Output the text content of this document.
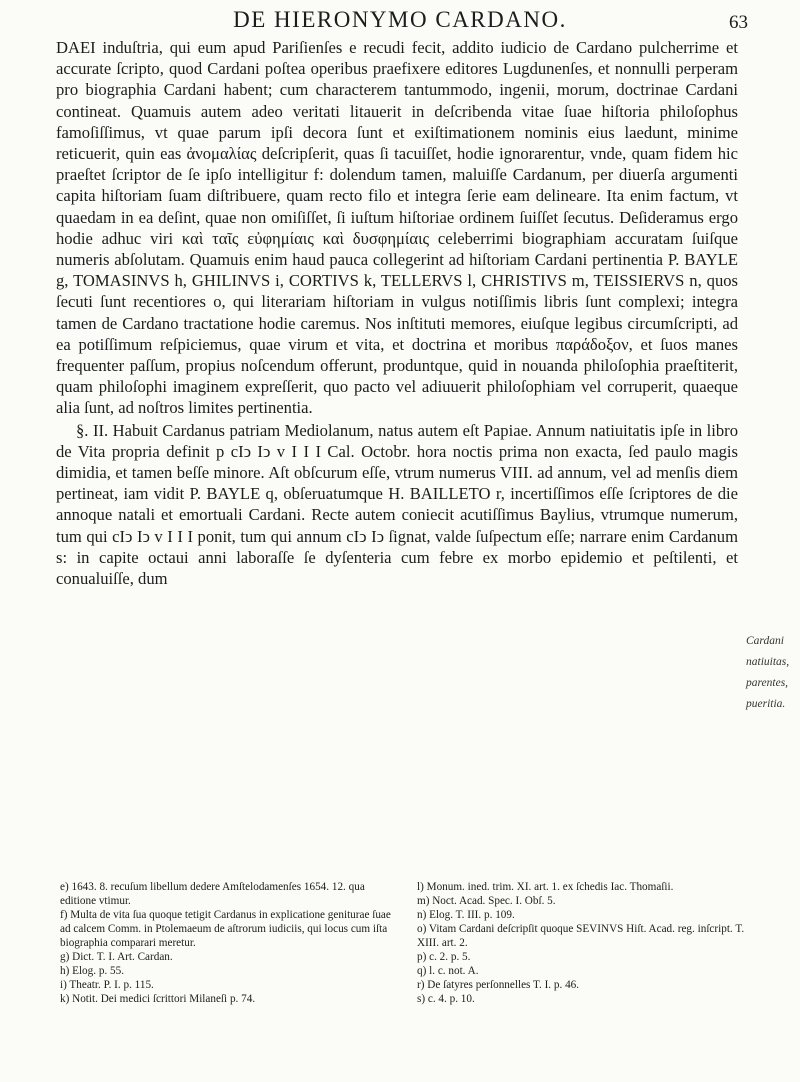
DE HIERONYMO CARDANO.	63

DAEI induſtria, qui eum apud Pariſienſes e recudi fecit, addito iudicio de Cardano pulcherrime et accurate ſcripto, quod Cardani poſtea operibus praefixere editores Lugdunenſes, et nonnulli perperam pro biographia Cardani habent; cum characterem tantummodo, ingenii, morum, doctrinae Cardani contineat. Quamuis autem adeo veritati litauerit in deſcribenda vitae ſuae hiſtoria philoſophus famoſiſſimus, vt quae parum ipſi decora ſunt et exiſtimationem nominis eius laedunt, minime reticuerit, quin eas ἀνομαλίας deſcripſerit, quas ſi tacuiſſet, hodie ignorarentur, vnde, quam fidem hic praeſtet ſcriptor de ſe ipſo intelligitur f: dolendum tamen, maluiſſe Cardanum, per diuerſa argumenti capita hiſtoriam ſuam diſtribuere, quam recto filo et integra ſerie eam delineare. Ita enim factum, vt quaedam in ea deſint, quae non omiſiſſet, ſi iuſtum hiſtoriae ordinem ſuiſſet ſecutus. Deſideramus ergo hodie adhuc viri καὶ ταῖς εὐφημίαις καὶ δυσφημίαις celeberrimi biographiam accuratam ſuiſque numeris abſolutam. Quamuis enim haud pauca collegerint ad hiſtoriam Cardani pertinentia P. BAYLE g, TOMASINVS h, GHILINVS i, CORTIVS k, TELLERVS l, CHRISTIVS m, TEISSIERVS n, quos ſecuti ſunt recentiores o, qui literariam hiſtoriam in vulgus notiſſimis libris ſunt complexi; integra tamen de Cardano tractatione hodie caremus. Nos inſtituti memores, eiuſque legibus circumſcripti, ad ea potiſſimum reſpiciemus, quae virum et vita, et doctrina et moribus παράδοξον, et ſuos manes frequenter paſſum, propius noſcendum offerunt, produntque, quid in nouanda philoſophia praeſtiterit, quam philoſophi imaginem expreſſerit, quo pacto vel adiuuerit philoſophiam vel corruperit, quaeque alia ſunt, ad noſtros limites pertinentia.

§. II. Habuit Cardanus patriam Mediolanum, natus autem eſt Papiae. Annum natiuitatis ipſe in libro de Vita propria definit p cIↄ Iↄ v I I I Cal. Octobr. hora noctis prima non exacta, ſed paulo magis dimidia, et tamen beſſe minore. Aſt obſcurum eſſe, vtrum numerus VIII. ad annum, vel ad menſis diem pertineat, iam vidit P. BAYLE q, obſeruatumque H. BAILLETO r, incertiſſimos eſſe ſcriptores de die annoque natali et emortuali Cardani. Recte autem coniecit acutiſſimus Baylius, vtrumque numerum, tum qui cIↄ Iↄ v I I I ponit, tum qui annum cIↄ Iↄ ſignat, valde ſuſpectum eſſe; narrare enim Cardanum s: in capite octaui anni laboraſſe ſe dyſenteria cum febre ex morbo epidemio et peſtilenti, et conualuiſſe, dum

Cardani natiuitas, parentes, pueritia.
e) 1643. 8. recuſum libellum dedere Amſtelodamenſes 1654. 12. qua editione vtimur.
f) Multa de vita ſua quoque tetigit Cardanus in explicatione geniturae ſuae ad calcem Comm. in Ptolemaeum de aſtrorum iudiciis, qui locus cum iſta biographia comparari meretur.
g) Dict. T. I. Art. Cardan.
h) Elog. p. 55.
i) Theatr. P. I. p. 115.
k) Notit. Dei medici ſcrittori Milaneſi p. 74.
l) Monum. ined. trim. XI. art. 1. ex ſchedis Iac. Thomaſii.
m) Noct. Acad. Spec. I. Obſ. 5.
n) Elog. T. III. p. 109.
o) Vitam Cardani deſcripſit quoque SEVINVS Hiſt. Acad. reg. inſcript. T. XIII. art. 2.
p) c. 2. p. 5.
q) l. c. not. A.
r) De ſatyres perſonnelles T. I. p. 46.
s) c. 4. p. 10.
